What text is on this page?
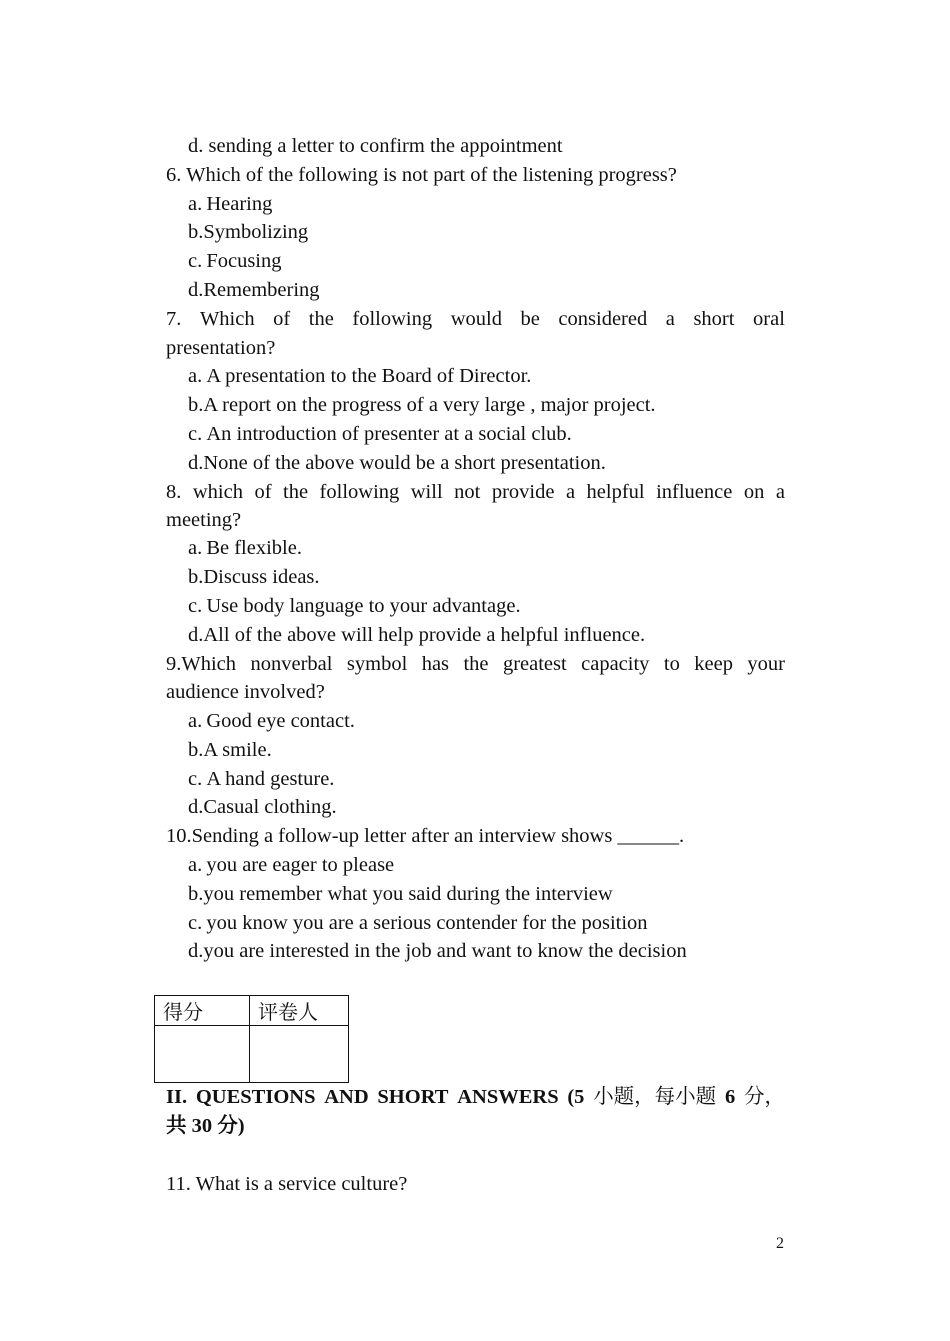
d. sending a letter to confirm the appointment
6. Which of the following is not part of the listening progress?
a. Hearing
b.Symbolizing
c. Focusing
d.Remembering
7. Which of the following would be considered a short oral
presentation?
a. A presentation to the Board of Director.
b.A report on the progress of a very large , major project.
c. An introduction of presenter at a social club.
d.None of the above would be a short presentation.
8. which of the following will not provide a helpful influence on a
meeting?
a. Be flexible.
b.Discuss ideas.
c. Use body language to your advantage.
d.All of the above will help provide a helpful influence.
9.Which nonverbal symbol has the greatest capacity to keep your
audience involved?
a. Good eye contact.
b.A smile.
c. A hand gesture.
d.Casual clothing.
10.Sending a follow-up letter after an interview shows ______.
a. you are eager to please
b.you remember what you said during the interview
c. you know you are a serious contender for the position
d.you are interested in the job and want to know the decision
得分	评卷人

II. QUESTIONS AND SHORT ANSWERS (5 小题，每小题 6 分，
共 30 分)
11. What is a service culture?
2
